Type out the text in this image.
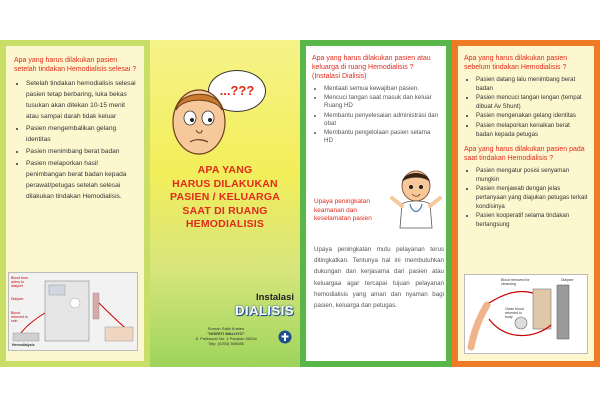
Apa yang harus dilakukan pasien setelah tindakan Hemodialisis selesai ?

• Setelah tindakan hemodialisis selesai pasien tetap berbaring, luka bekas tusukan akan ditekan 10-15 menit atau sampai darah tidak keluar
• Pasien mengembalikan gelang identitas
• Pasien menimbang berat badan
• Pasien melaporkan hasil penimbangan berat badan kepada perawat/petugas setelah selesai dilakukan tindakan Hemodialisis.
Blood from artery to dialyzer
Dialyzer
Blood returned to vein
Hemodialysis
...???
APA YANG
HARUS DILAKUKAN
PASIEN / KELUARGA
SAAT DI RUANG
HEMODIALISIS
Instalasi
DIALISIS
Rumah Sakit Kristen
"NGESTI WALUYO"
Jl. Pahlawan No. 1 Parakan 56254
Telp. (0293) 596088

Apa yang harus dilakukan pasien atau keluarga di ruang Hemodialisis ? (Instalasi Dialisis)

• Mentaati semua kewajiban pasien.
• Mencuci tangan saat masuk dan keluar Ruang HD
• Membantu penyelesaian administrasi dan obat
• Membantu pengelolaan pasien selama HD
Upaya peningkatan keamanan dan keselamatan pasien
Upaya peningkatan mutu pelayanan terus ditingkatkan. Tentunya hal ini membutuhkan dukungan dan kerjasama dari pasien atau keluargaa agar tercapai tujuan pelayanan hemodialisis yang aman dan nyaman bagi pasien, keluarga dan petugas.

Apa yang harus dilakukan pasien sebelum tindakan Hemodialisis ?

• Pasien datang lalu menimbang berat badan
• Pasien mencuci tangan lengan (tempat dibuat Av Shunt)
• Pasien mengenakan gelang identitas
• Pasien melaporkan kenaikan berat badan kepada petugas

Apa yang harus dilakukan pasien pada saat tindakan Hemodialisis ?

• Pasien mengatur posisi senyaman mungkin
• Pasien menjawab dengan jelas pertanyaan yang diajukan petugas terkait kondisinya
• Pasien kooperatif selama tindakan berlangsung
Blood removed for cleansing
Dialyzer
Clean blood returned to body
